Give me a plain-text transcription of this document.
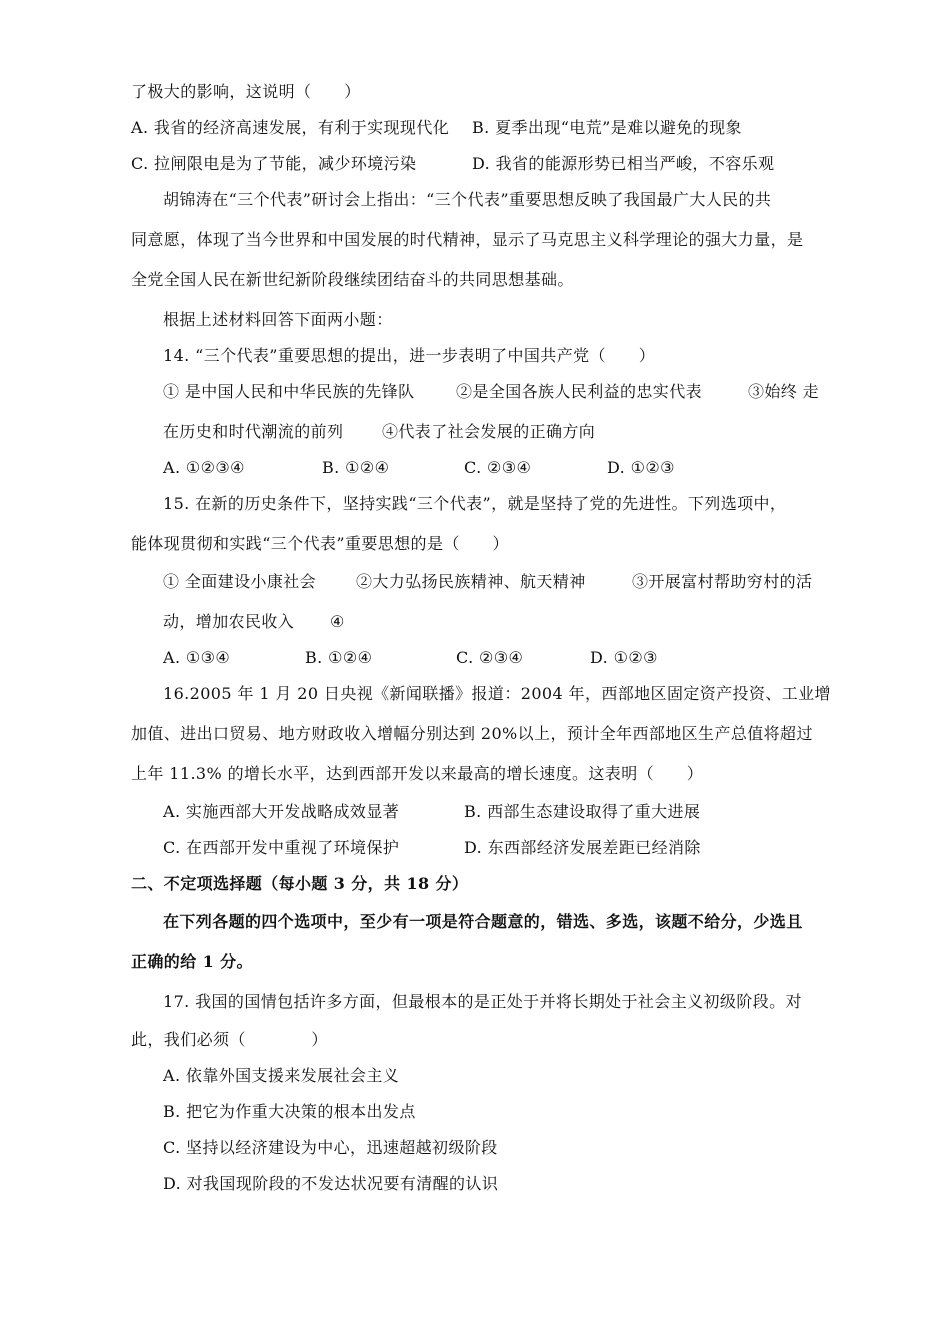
了极大的影响，这说明（　　）
A. 我省的经济高速发展，有利于实现现代化 B. 夏季出现“电荒”是难以避免的现象
C. 拉闸限电是为了节能，减少环境污染	D. 我省的能源形势已相当严峻，不容乐观
胡锦涛在“三个代表”研讨会上指出：“三个代表”重要思想反映了我国最广大人民的共
同意愿，体现了当今世界和中国发展的时代精神，显示了马克思主义科学理论的强大力量，是
全党全国人民在新世纪新阶段继续团结奋斗的共同思想基础。
根据上述材料回答下面两小题：
14. “三个代表”重要思想的提出，进一步表明了中国共产党（　　）
① 是中国人民和中华民族的先锋队	②是全国各族人民利益的忠实代表	③始终 走
在历史和时代潮流的前列 ④代表了社会发展的正确方向
A. ①②③④	B. ①②④	C. ②③④	D. ①②③
15. 在新的历史条件下，坚持实践“三个代表”，就是坚持了党的先进性。下列选项中，
能体现贯彻和实践“三个代表”重要思想的是（　　）
① 全面建设小康社会 ②大力弘扬民族精神、航天精神	③开展富村帮助穷村的活
动，增加农民收入 ④
A. ①③④	B. ①②④	C. ②③④	D. ①②③
16.2005 年 1 月 20 日央视《新闻联播》报道：2004 年，西部地区固定资产投资、工业增
加值、进出口贸易、地方财政收入增幅分别达到 20%以上，预计全年西部地区生产总值将超过
上年 11.3% 的增长水平，达到西部开发以来最高的增长速度。这表明（　　）
A. 实施西部大开发战略成效显著	B. 西部生态建设取得了重大进展
C. 在西部开发中重视了环境保护	D. 东西部经济发展差距已经消除
二、不定项选择题（每小题 3 分，共 18 分）
在下列各题的四个选项中，至少有一项是符合题意的，错选、多选，该题不给分，少选且
正确的给 1 分。
17. 我国的国情包括许多方面，但最根本的是正处于并将长期处于社会主义初级阶段。对
此，我们必须（　　　　）
A. 依靠外国支援来发展社会主义
B. 把它为作重大决策的根本出发点
C. 坚持以经济建设为中心，迅速超越初级阶段
D. 对我国现阶段的不发达状况要有清醒的认识
